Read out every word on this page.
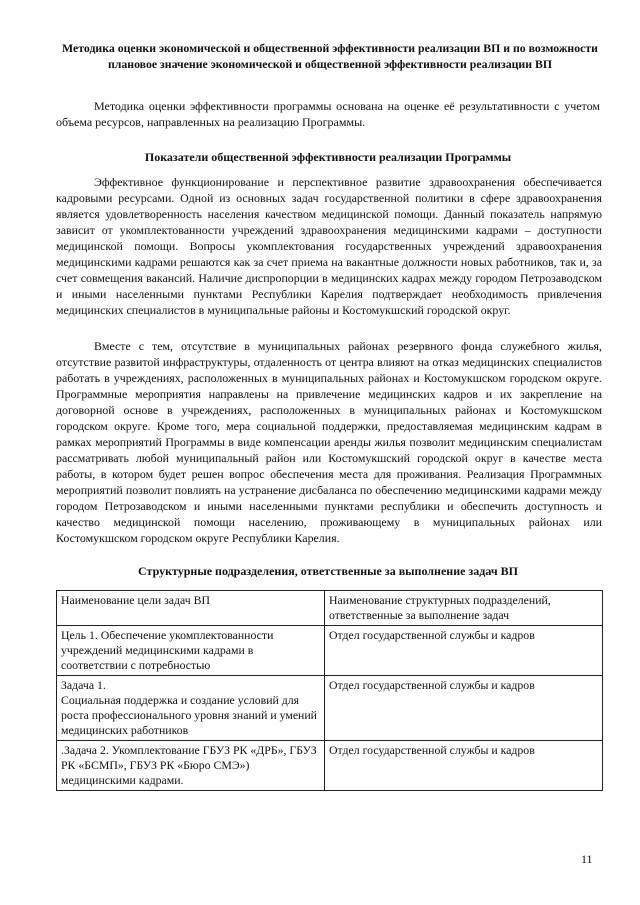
Методика оценки экономической и общественной эффективности реализации ВП и по возможности плановое значение экономической и общественной эффективности реализации ВП
Методика оценки эффективности программы основана на оценке её результативности с учетом объема ресурсов, направленных на реализацию Программы.
Показатели общественной эффективности реализации Программы
Эффективное функционирование и перспективное развитие здравоохранения обеспечивается кадровыми ресурсами. Одной из основных задач государственной политики в сфере здравоохранения является удовлетворенность населения качеством медицинской помощи. Данный показатель напрямую зависит от укомплектованности учреждений здравоохранения медицинскими кадрами – доступности медицинской помощи. Вопросы укомплектования государственных учреждений здравоохранения медицинскими кадрами решаются как за счет приема на вакантные должности новых работников, так и, за счет совмещения вакансий. Наличие диспропорции в медицинских кадрах между городом Петрозаводском и иными населенными пунктами Республики Карелия подтверждает необходимость привлечения медицинских специалистов в муниципальные районы и Костомукшский городской округ.
Вместе с тем, отсутствие в муниципальных районах резервного фонда служебного жилья, отсутствие развитой инфраструктуры, отдаленность от центра влияют на отказ медицинских специалистов работать в учреждениях, расположенных в муниципальных районах и Костомукшском городском округе. Программные мероприятия направлены на привлечение медицинских кадров и их закрепление на договорной основе в учреждениях, расположенных в муниципальных районах и Костомукшском городском округе. Кроме того, мера социальной поддержки, предоставляемая медицинским кадрам в рамках мероприятий Программы в виде компенсации аренды жилья позволит медицинским специалистам рассматривать любой муниципальный район или Костомукшский городской округ в качестве места работы, в котором будет решен вопрос обеспечения места для проживания. Реализация Программных мероприятий позволит повлиять на устранение дисбаланса по обеспечению медицинскими кадрами между городом Петрозаводском и иными населенными пунктами республики и обеспечить доступность и качество медицинской помощи населению, проживающему в муниципальных районах или Костомукшском городском округе Республики Карелия.
Структурные подразделения, ответственные за выполнение задач ВП
Наименование цели задач ВП	Наименование структурных подразделений, ответственные за выполнение задач
Цель 1. Обеспечение укомплектованности учреждений медицинскими кадрами в соответствии с потребностью	Отдел государственной службы и кадров
Задача 1.
Социальная поддержка и создание условий для роста профессионального уровня знаний и умений медицинских работников	Отдел государственной службы и кадров
.Задача 2. Укомплектование ГБУЗ РК «ДРБ», ГБУЗ РК «БСМП», ГБУЗ РК «Бюро СМЭ») медицинскими кадрами.	Отдел государственной службы и кадров
11
